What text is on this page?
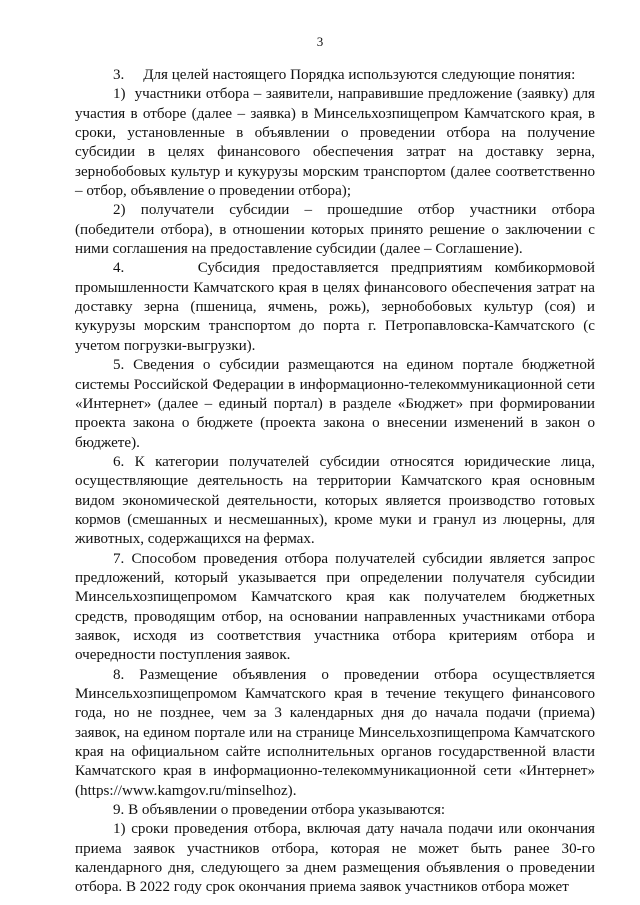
3

3.     Для целей настоящего Порядка используются следующие понятия:

1)  участники отбора – заявители, направившие предложение (заявку) для участия в отборе (далее – заявка) в Минсельхозпищепром Камчатского края, в сроки, установленные в объявлении о проведении отбора на получение субсидии в целях финансового обеспечения затрат на доставку зерна, зернобобовых культур и кукурузы морским транспортом (далее соответственно – отбор, объявление о проведении отбора);

2) получатели субсидии – прошедшие отбор участники отбора (победители отбора), в отношении которых принято решение о заключении с ними соглашения на предоставление субсидии (далее – Соглашение).

4.      Субсидия предоставляется предприятиям комбикормовой промышленности Камчатского края в целях финансового обеспечения затрат на доставку зерна (пшеница, ячмень, рожь), зернобобовых культур (соя) и кукурузы морским транспортом до порта г. Петропавловска-Камчатского (с учетом погрузки-выгрузки).

5. Сведения о субсидии размещаются на едином портале бюджетной системы Российской Федерации в информационно-телекоммуникационной сети «Интернет» (далее – единый портал) в разделе «Бюджет» при формировании проекта закона о бюджете (проекта закона о внесении изменений в закон о бюджете).

6. К категории получателей субсидии относятся юридические лица, осуществляющие деятельность на территории Камчатского края основным видом экономической деятельности, которых является производство готовых кормов (смешанных и несмешанных), кроме муки и гранул из люцерны, для животных, содержащихся на фермах.

7. Способом проведения отбора получателей субсидии является запрос предложений, который указывается при определении получателя субсидии Минсельхозпищепромом Камчатского края как получателем бюджетных средств, проводящим отбор, на основании направленных участниками отбора заявок, исходя из соответствия участника отбора критериям отбора и очередности поступления заявок.

8. Размещение объявления о проведении отбора осуществляется Минсельхозпищепромом Камчатского края в течение текущего финансового года, но не позднее, чем за 3 календарных дня до начала подачи (приема) заявок, на едином портале или на странице Минсельхозпищепрома Камчатского края на официальном сайте исполнительных органов государственной власти Камчатского края в информационно-телекоммуникационной сети «Интернет» (https://www.kamgov.ru/minselhoz).

9. В объявлении о проведении отбора указываются:

1) сроки проведения отбора, включая дату начала подачи или окончания приема заявок участников отбора, которая не может быть ранее 30-го календарного дня, следующего за днем размещения объявления о проведении отбора. В 2022 году срок окончания приема заявок участников отбора может
